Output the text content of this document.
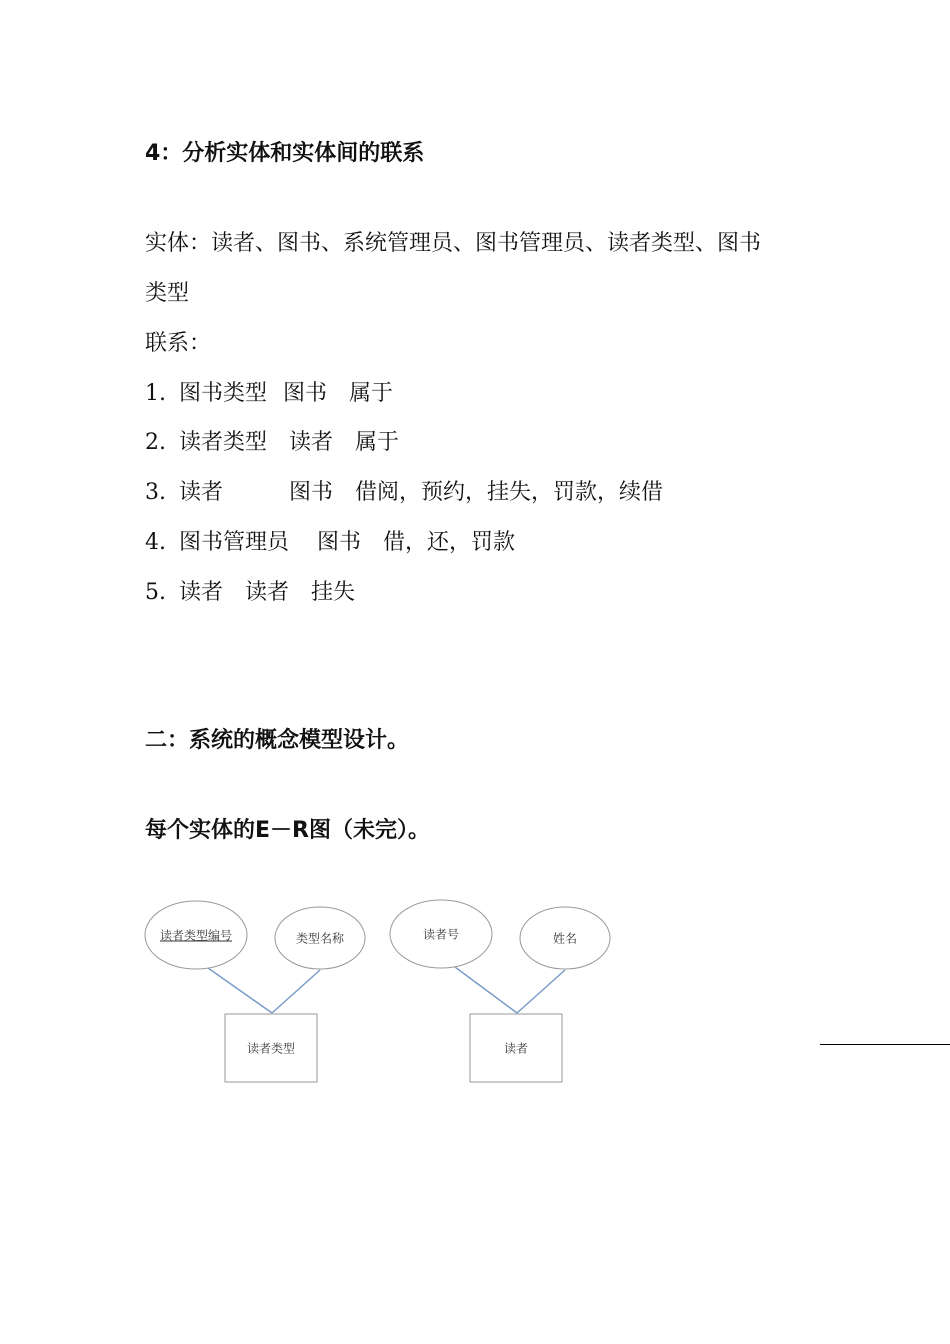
4：分析实体和实体间的联系
实体：读者、图书、系统管理员、图书管理员、读者类型、图书
类型
联系：
1. 图书类型 图书 属于
2. 读者类型 读者 属于
3. 读者	图书 借阅，预约，挂失，罚款，续借
4. 图书管理员 图书 借，还，罚款
5. 读者 读者 挂失
二：系统的概念模型设计。
每个实体的E－R图（未完）。
读者类型编号	类型名称	读者号	姓名
读者类型	读者
